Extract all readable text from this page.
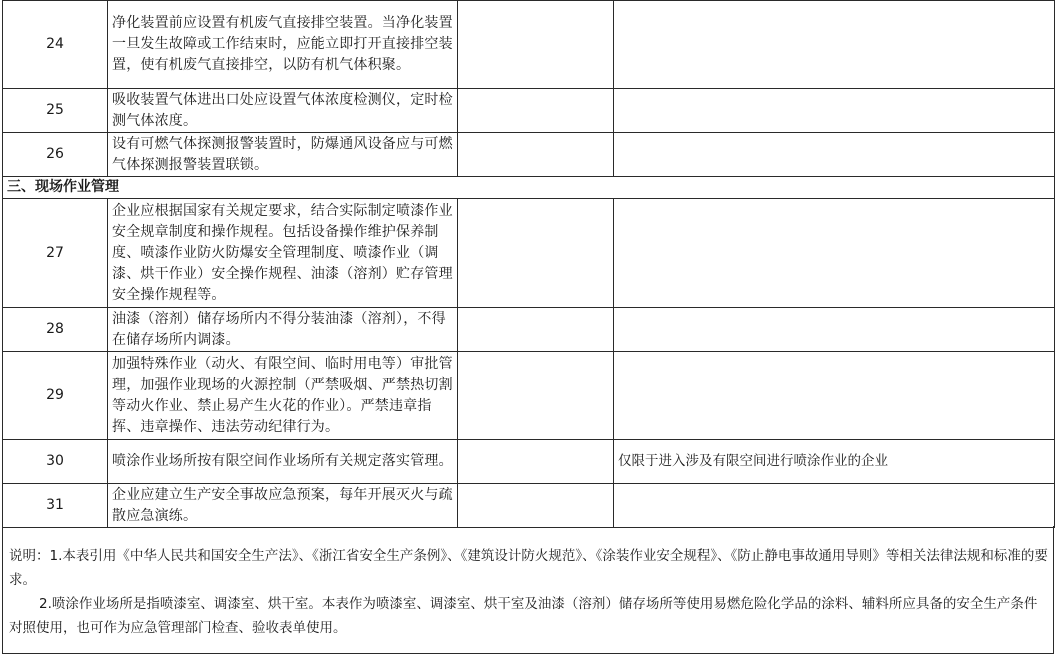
24	净化装置前应设置有机废气直接排空装置。当净化装置一旦发生故障或工作结束时，应能立即打开直接排空装置，使有机废气直接排空，以防有机气体积聚。		
25	吸收装置气体进出口处应设置气体浓度检测仪，定时检测气体浓度。		
26	设有可燃气体探测报警装置时，防爆通风设备应与可燃气体探测报警装置联锁。		
三、现场作业管理			
27	企业应根据国家有关规定要求，结合实际制定喷漆作业安全规章制度和操作规程。包括设备操作维护保养制度、喷漆作业防火防爆安全管理制度、喷漆作业（调漆、烘干作业）安全操作规程、油漆（溶剂）贮存管理安全操作规程等。		
28	油漆（溶剂）储存场所内不得分装油漆（溶剂），不得在储存场所内调漆。		
29	加强特殊作业（动火、有限空间、临时用电等）审批管理，加强作业现场的火源控制（严禁吸烟、严禁热切割等动火作业、禁止易产生火花的作业）。严禁违章指挥、违章操作、违法劳动纪律行为。		
30	喷涂作业场所按有限空间作业场所有关规定落实管理。		仅限于进入涉及有限空间进行喷涂作业的企业
31	企业应建立生产安全事故应急预案，每年开展灭火与疏散应急演练。		

说明：1.本表引用《中华人民共和国安全生产法》、《浙江省安全生产条例》、《建筑设计防火规范》、《涂装作业安全规程》、《防止静电事故通用导则》等相关法律法规和标准的要求。

2.喷涂作业场所是指喷漆室、调漆室、烘干室。本表作为喷漆室、调漆室、烘干室及油漆（溶剂）储存场所等使用易燃危险化学品的涂料、辅料所应具备的安全生产条件对照使用，也可作为应急管理部门检查、验收表单使用。
